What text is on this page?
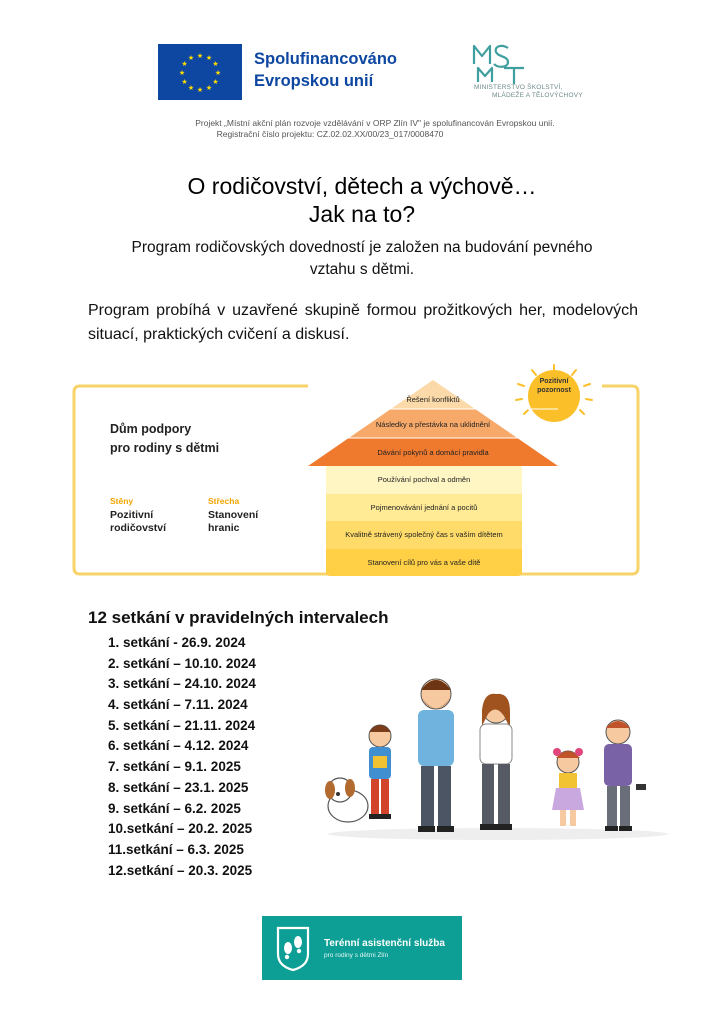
★ ★
★
★
★
★
★
★
★
★
★
★	Spolufinancováno
Evropskou unií	MINISTERSTVO ŠKOLSTVÍ,
MLÁDEŽE A TĚLOVÝCHOVY
Projekt „Místní akční plán rozvoje vzdělávání v ORP Zlín IV" je spolufinancován Evropskou unií.
Registrační číslo projektu: CZ.02.02.XX/00/23_017/0008470
O rodičovství, dětech a výchově…
Jak na to?
Program rodičovských dovedností je založen na budování pevného
vztahu s dětmi.
Program probíhá v uzavřené skupině formou prožitkových her, modelových situací, praktických cvičení a diskusí.
Dům podpory
pro rodiny s dětmi
Stěny
Pozitivní
rodičovství
Střecha
Stanovení
hranic
Pozitivní
pozornost
Řešení konfliktů
Následky a přestávka na uklidnění
Dávání pokynů a domácí pravidla
Používání pochval a odměn
Pojmenovávání jednání a pocitů
Kvalitně strávený společný čas s vaším dítětem
Stanovení cílů pro vás a vaše dítě
12 setkání v pravidelných intervalech
1. setkání - 26.9. 2024
2. setkání – 10.10. 2024
3. setkání – 24.10. 2024
4. setkání – 7.11. 2024
5. setkání – 21.11. 2024
6. setkání – 4.12. 2024
7. setkání – 9.1. 2025
8. setkání – 23.1. 2025
9. setkání – 6.2. 2025
10.setkání – 20.2. 2025
11.setkání – 6.3. 2025
12.setkání – 20.3. 2025
Terénní asistenční služba
pro rodiny s dětmi Zlín
